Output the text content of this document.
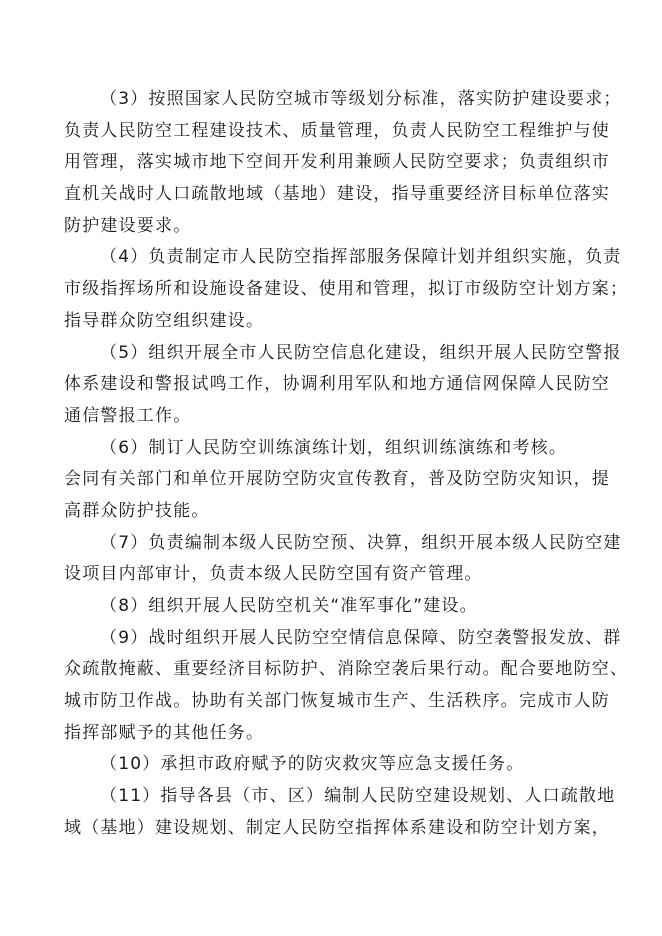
（3）按照国家人民防空城市等级划分标准，落实防护建设要求；
负责人民防空工程建设技术、质量管理，负责人民防空工程维护与使
用管理，落实城市地下空间开发利用兼顾人民防空要求；负责组织市
直机关战时人口疏散地域（基地）建设，指导重要经济目标单位落实
防护建设要求。
（4）负责制定市人民防空指挥部服务保障计划并组织实施，负责
市级指挥场所和设施设备建设、使用和管理，拟订市级防空计划方案；
指导群众防空组织建设。
（5）组织开展全市人民防空信息化建设，组织开展人民防空警报
体系建设和警报试鸣工作，协调利用军队和地方通信网保障人民防空
通信警报工作。
（6）制订人民防空训练演练计划，组织训练演练和考核。
会同有关部门和单位开展防空防灾宣传教育，普及防空防灾知识，提
高群众防护技能。
（7）负责编制本级人民防空预、决算，组织开展本级人民防空建
设项目内部审计，负责本级人民防空国有资产管理。
（8）组织开展人民防空机关“准军事化”建设。
（9）战时组织开展人民防空空情信息保障、防空袭警报发放、群
众疏散掩蔽、重要经济目标防护、消除空袭后果行动。配合要地防空、
城市防卫作战。协助有关部门恢复城市生产、生活秩序。完成市人防
指挥部赋予的其他任务。
（10）承担市政府赋予的防灾救灾等应急支援任务。
（11）指导各县（市、区）编制人民防空建设规划、人口疏散地
域（基地）建设规划、制定人民防空指挥体系建设和防空计划方案，
